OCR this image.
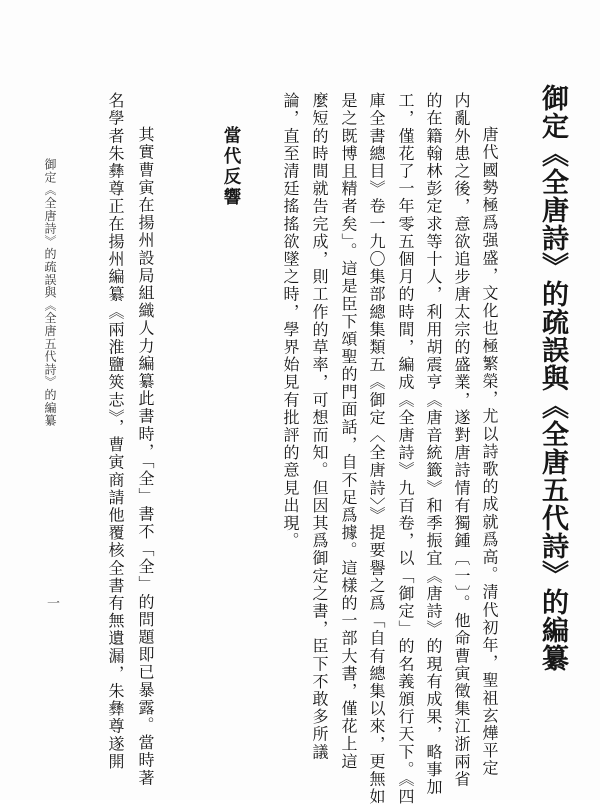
御定《全唐詩》的疏誤與《全唐五代詩》的編纂
唐代國勢極爲强盛，文化也極繁榮，尤以詩歌的成就爲高。清代初年，聖祖玄燁平定
内亂外患之後，意欲追步唐太宗的盛業，遂對唐詩情有獨鍾〔一〕。他命曹寅徵集江浙兩省
的在籍翰林彭定求等十人，利用胡震亨《唐音統籤》和季振宜《唐詩》的現有成果，略事加
工，僅花了一年零五個月的時間，編成《全唐詩》九百卷，以「御定」的名義頒行天下。《四
庫全書總目》卷一九〇集部總集類五《御定〈全唐詩〉》提要譽之爲「自有總集以來，更無如
是之既博且精者矣」。這是臣下頌聖的門面話，自不足爲據。這樣的一部大書，僅花上這
麼短的時間就告完成，則工作的草率，可想而知。但因其爲御定之書，臣下不敢多所議
論，直至清廷搖搖欲墜之時，學界始見有批評的意見出現。
當代反響
其實曹寅在揚州設局組織人力編纂此書時，「全」書不「全」的問題即已暴露。當時著
名學者朱彝尊正在揚州編纂《兩淮鹽筴志》，曹寅商請他覆核全書有無遺漏，朱彝尊遂開
御定《全唐詩》的疏誤與《全唐五代詩》的編纂
一
